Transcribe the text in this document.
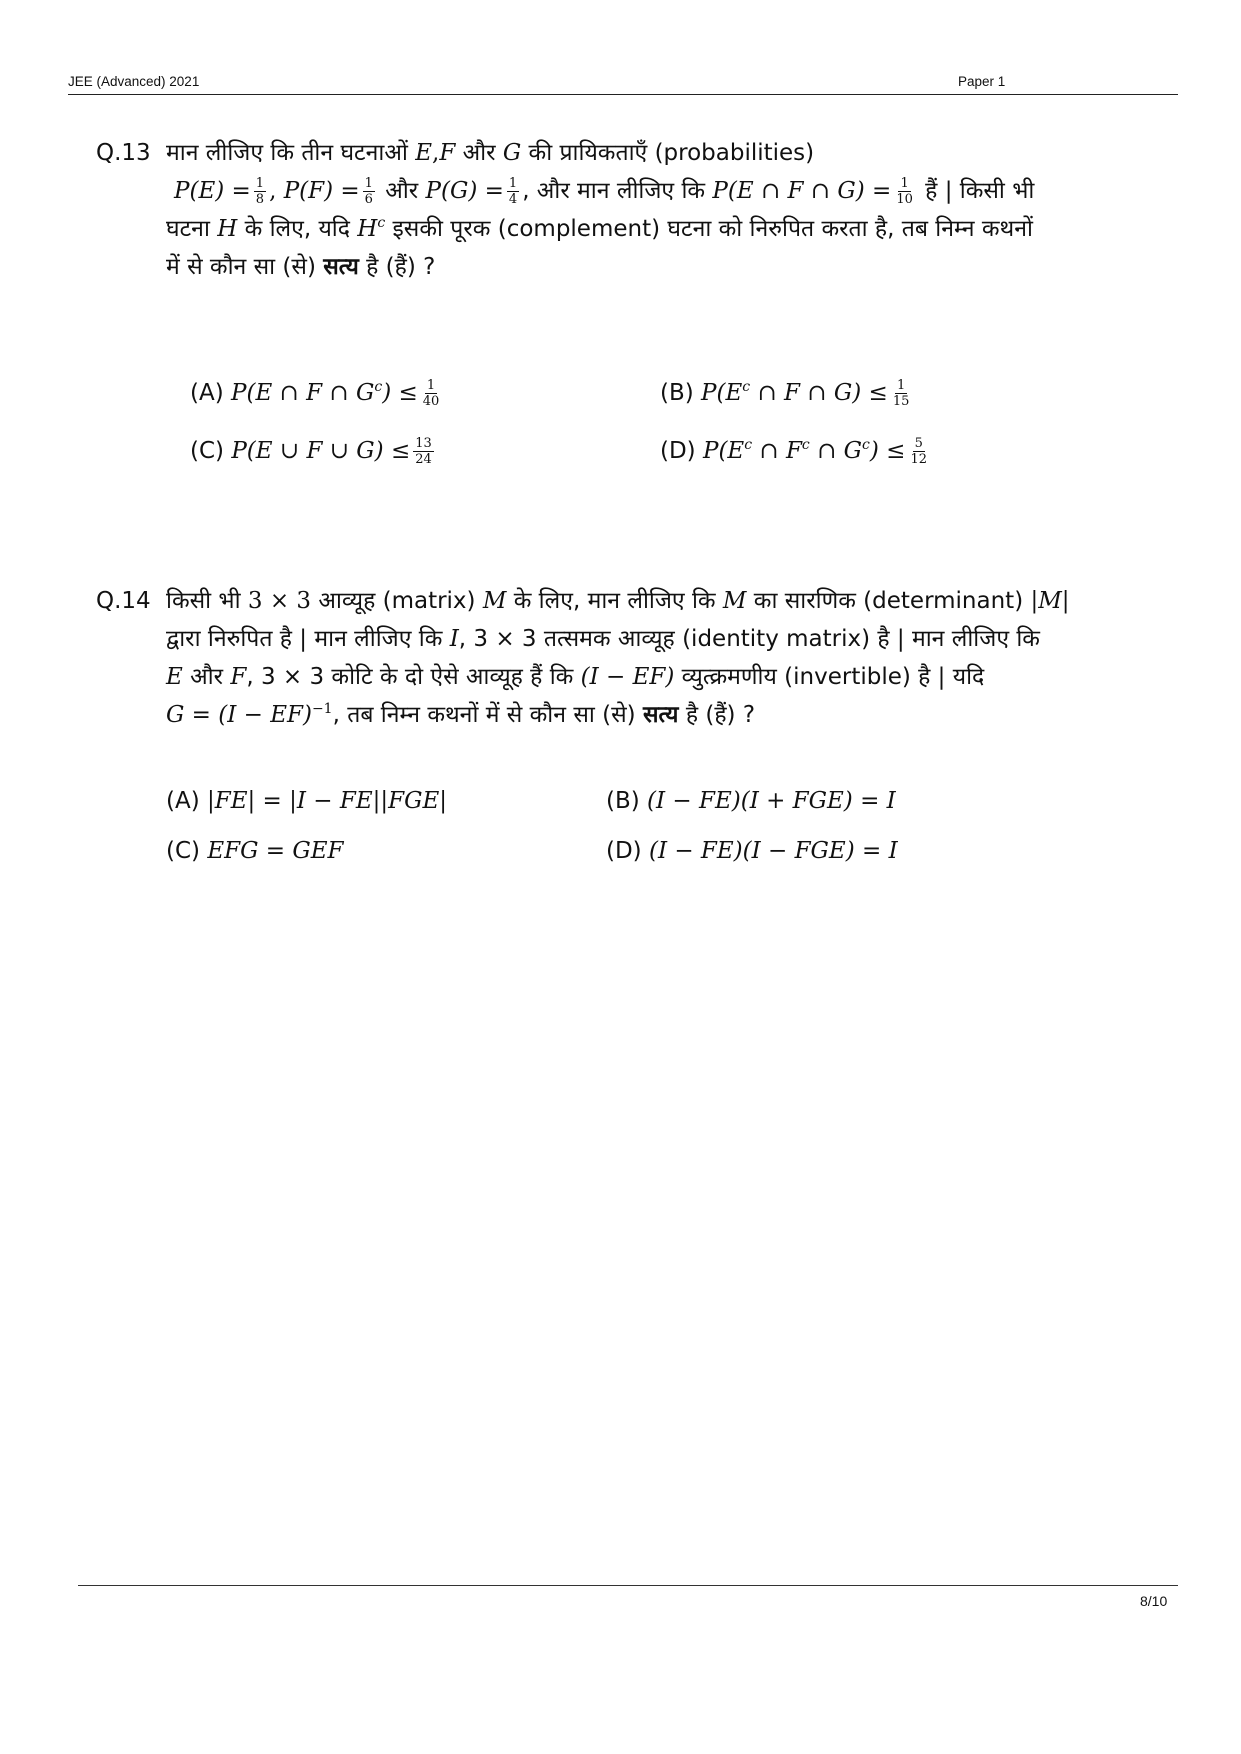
JEE (Advanced) 2021	Paper 1
Q.13 मान लीजिए कि तीन घटनाओं E,F और G की प्रायिकताएँ (probabilities)
$P(E) = \frac{1}{8}$ , $P(F) = \frac{1}{6}$ और $P(G) = \frac{1}{4}$ , और मान लीजिए कि P(E ∩ F ∩ $G) = \frac{1}{10}$ हैं | किसी भी
घटना H के लिए, यदि $H^c$ इसकी पूरक (complement) घटना को निरुपित करता है, तब निम्न कथनों
में से कौन सा (से) सत्य है (हैं) ?
(A) P(E ∩ F ∩ $G^c) \le \frac{1}{40}$	(B) $P(E^c$ ∩ F ∩ $G) \le \frac{1}{15}$
(C) P(E ∪ F ∪ $G) \le \frac{13}{24}$	(D) $P(E^c$ ∩ $F^c$ ∩ $G^c) \le \frac{5}{12}$
Q.14 किसी भी 3 × 3 आव्यूह (matrix) M के लिए, मान लीजिए कि M का सारणिक (determinant) |M|
द्वारा निरुपित है | मान लीजिए कि I, 3 × 3 तत्समक आव्यूह (identity matrix) है | मान लीजिए कि
E और F, 3 × 3 कोटि के दो ऐसे आव्यूह हैं कि (I − EF) व्युत्क्रमणीय (invertible) है | यदि
G = (I − EF)$^{-1}$, तब निम्न कथनों में से कौन सा (से) सत्य है (हैं) ?
(A) |FE| = |I − FE||FGE|	(B) (I − FE)(I + FGE) = I
(C) EFG = GEF	(D) (I − FE)(I − FGE) = I
8/10
